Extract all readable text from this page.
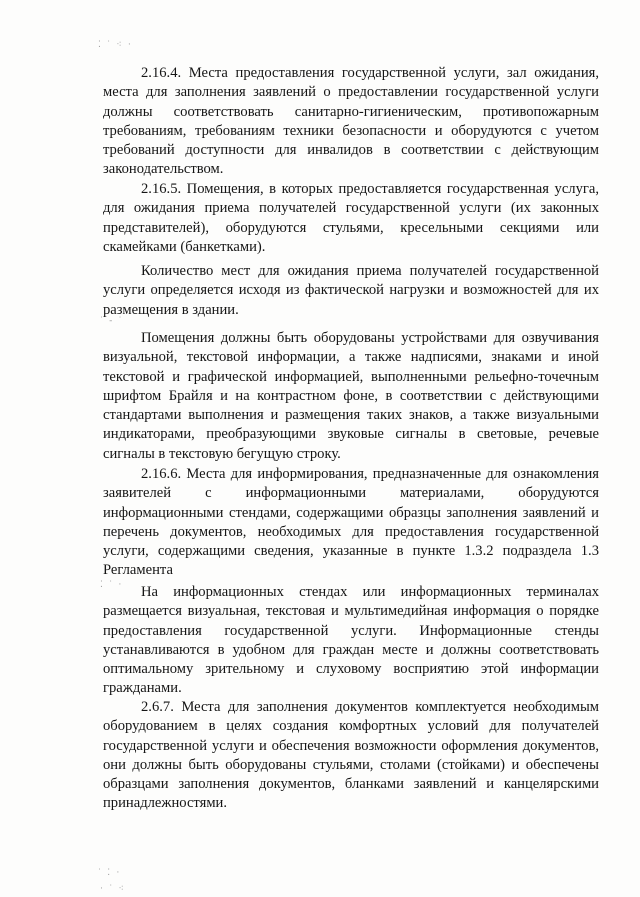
⁚ ˙ ⁖ ·
˙ ‐ ˙
⁚ ˙ ·
˙ ⁚ ·
· ˙ ⁖

2.16.4. Места предоставления государственной услуги, зал ожидания, места для заполнения заявлений о предоставлении государственной услуги должны соответствовать санитарно-гигиеническим, противопожарным требованиям, требованиям техники безопасности и оборудуются с учетом требований доступности для инвалидов в соответствии с действующим законодательством.

2.16.5. Помещения, в которых предоставляется государственная услуга, для ожидания приема получателей государственной услуги (их законных представителей), оборудуются стульями, кресельными секциями или скамейками (банкетками).

Количество мест для ожидания приема получателей государственной услуги определяется исходя из фактической нагрузки и возможностей для их размещения в здании.

Помещения должны быть оборудованы устройствами для озвучивания визуальной, текстовой информации, а также надписями, знаками и иной текстовой и графической информацией, выполненными рельефно-точечным шрифтом Брайля и на контрастном фоне, в соответствии с действующими стандартами выполнения и размещения таких знаков, а также визуальными индикаторами, преобразующими звуковые сигналы в световые, речевые сигналы в текстовую бегущую строку.

2.16.6. Места для информирования, предназначенные для ознакомления заявителей с информационными материалами, оборудуются информационными стендами, содержащими образцы заполнения заявлений и перечень документов, необходимых для предоставления государственной услуги, содержащими сведения, указанные в пункте 1.3.2 подраздела 1.3 Регламента

На информационных стендах или информационных терминалах размещается визуальная, текстовая и мультимедийная информация о порядке предоставления государственной услуги. Информационные стенды устанавливаются в удобном для граждан месте и должны соответствовать оптимальному зрительному и слуховому восприятию этой информации гражданами.

2.6.7. Места для заполнения документов комплектуется необходимым оборудованием в целях создания комфортных условий для получателей государственной услуги и обеспечения возможности оформления документов, они должны быть оборудованы стульями, столами (стойками) и обеспечены образцами заполнения документов, бланками заявлений и канцелярскими принадлежностями.
